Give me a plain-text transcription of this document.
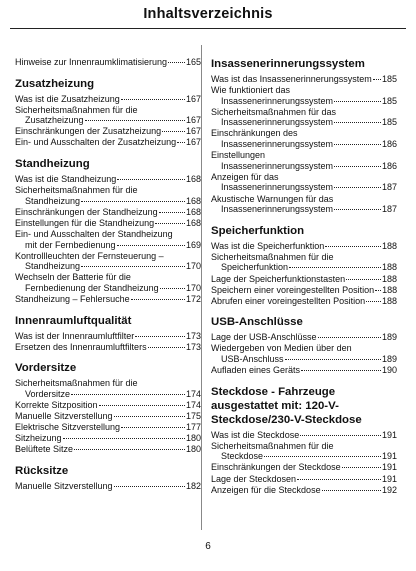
Inhaltsverzeichnis
Hinweise zur Innenraumklimatisierung 165
Zusatzheizung
Was ist die Zusatzheizung	167
Sicherheitsmaßnahmen für die
Zusatzheizung	167
Einschränkungen der Zusatzheizung	167
Ein- und Ausschalten der Zusatzheizung 167
Standheizung
Was ist die Standheizung	168
Sicherheitsmaßnahmen für die
Standheizung	168
Einschränkungen der Standheizung	168
Einstellungen für die Standheizung	168
Ein- und Ausschalten der Standheizung
mit der Fernbedienung	169
Kontrollleuchten der Fernsteuerung –
Standheizung	170
Wechseln der Batterie für die
Fernbedienung der Standheizung	170
Standheizung – Fehlersuche	172
Innenraumluftqualität
Was ist der Innenraumluftfilter	173
Ersetzen des Innenraumluftfilters	173
Vordersitze
Sicherheitsmaßnahmen für die
Vordersitze	174
Korrekte Sitzposition	174
Manuelle Sitzverstellung	175
Elektrische Sitzverstellung	177
Sitzheizung	180
Belüftete Sitze	180
Rücksitze
Manuelle Sitzverstellung	182
Insassenerinnerungssystem
Was ist das Insassenerinnerungssystem 185
Wie funktioniert das
Insassenerinnerungssystem	185
Sicherheitsmaßnahmen für das
Insassenerinnerungssystem	185
Einschränkungen des
Insassenerinnerungssystem	186
Einstellungen
Insassenerinnerungssystem	186
Anzeigen für das
Insassenerinnerungssystem	187
Akustische Warnungen für das
Insassenerinnerungssystem	187
Speicherfunktion
Was ist die Speicherfunktion	188
Sicherheitsmaßnahmen für die
Speicherfunktion	188
Lage der Speicherfunktionstasten	188
Speichern einer voreingestellten Position 188
Abrufen einer voreingestellten Position 188
USB-Anschlüsse
Lage der USB-Anschlüsse	189
Wiedergeben von Medien über den
USB-Anschluss	189
Aufladen eines Geräts	190
Steckdose - Fahrzeuge ausgestattet mit: 120-V-Steckdose/230-V-Steckdose
Was ist die Steckdose	191
Sicherheitsmaßnahmen für die
Steckdose	191
Einschränkungen der Steckdose	191
Lage der Steckdosen	191
Anzeigen für die Steckdose	192
6
